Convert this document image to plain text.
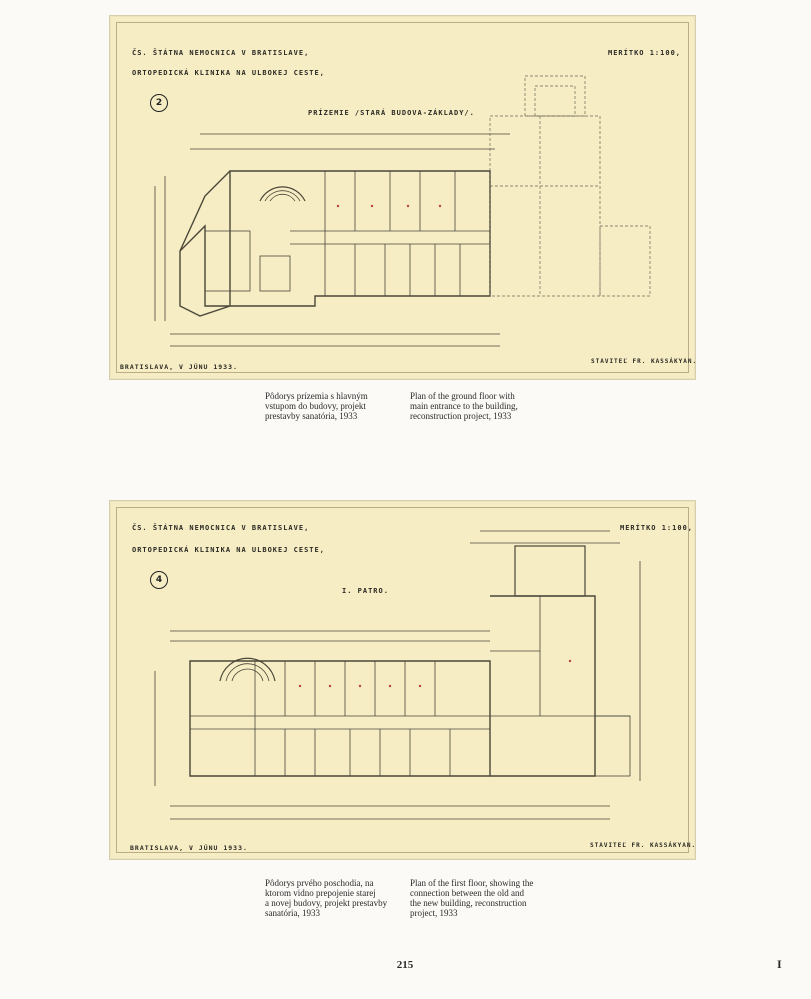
ČS. ŠTÁTNA NEMOCNICA V BRATISLAVE,
ORTOPEDICKÁ KLINIKA NA ULBOKEJ CESTE,
MERÍTKO 1:100,
2
PRÍZEMIE /STARÁ BUDOVA-ZÁKLADY/.
BRATISLAVA, V JÚNU 1933.
STAVITEĽ FR. KASSÁKYAN.
Pôdorys prízemia s hlavným
vstupom do budovy, projekt
prestavby sanatória, 1933
Plan of the ground floor with
main entrance to the building,
reconstruction project, 1933
ČS. ŠTÁTNA NEMOCNICA V BRATISLAVE,
ORTOPEDICKÁ KLINIKA NA ULBOKEJ CESTE,
MERÍTKO 1:100,
4
I. PATRO.
BRATISLAVA, V JÚNU 1933.	STAVITEĽ FR. KASSÁKYAN.
Pôdorys prvého poschodia, na
ktorom vidno prepojenie starej
a novej budovy, projekt prestavby
sanatória, 1933
Plan of the first floor, showing the
connection between the old and
the new building, reconstruction
project, 1933
215	I
